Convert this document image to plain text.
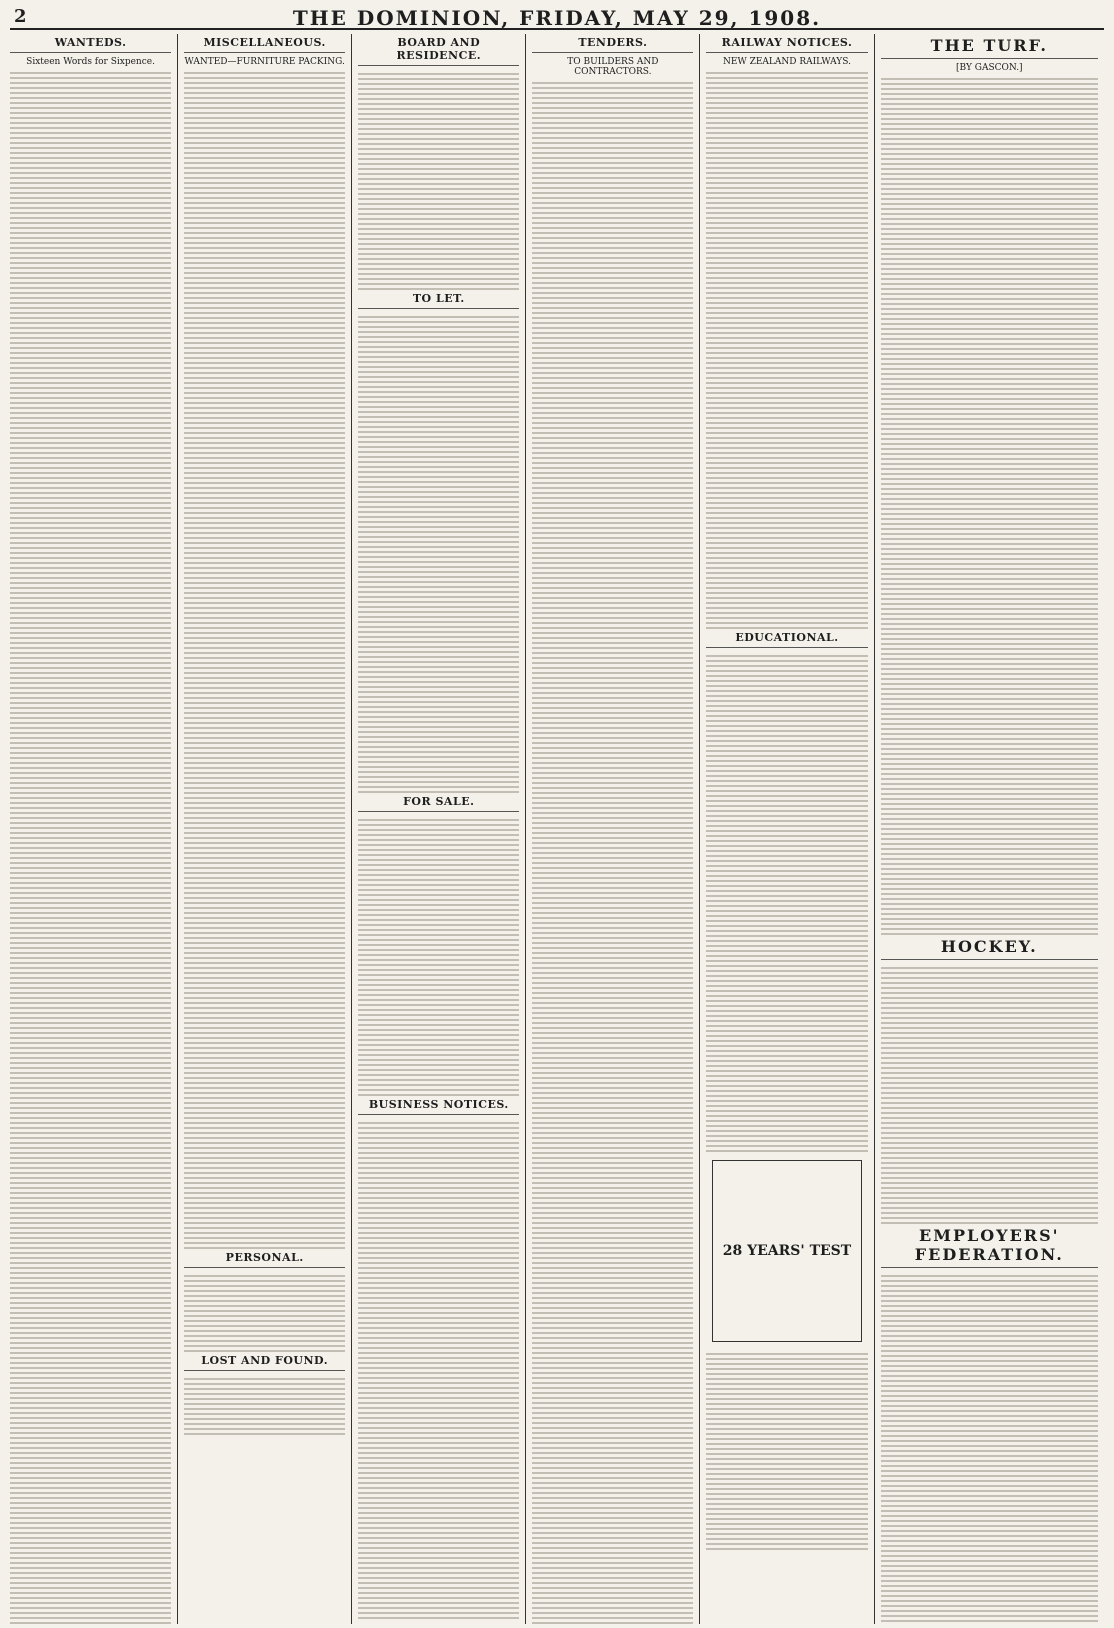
2	THE DOMINION, FRIDAY, MAY 29, 1908.
WANTEDS.
Sixteen Words for Sixpence.
MISCELLANEOUS.
WANTED—FURNITURE PACKING.
PERSONAL.
LOST AND FOUND.
BOARD AND RESIDENCE.
TO LET.
FOR SALE.
BUSINESS NOTICES.
TENDERS.
TO BUILDERS AND CONTRACTORS.
RAILWAY NOTICES.
NEW ZEALAND RAILWAYS.
EDUCATIONAL.
28 YEARS' TEST
THE TURF.
[BY GASCON.]
HOCKEY.
EMPLOYERS' FEDERATION.
